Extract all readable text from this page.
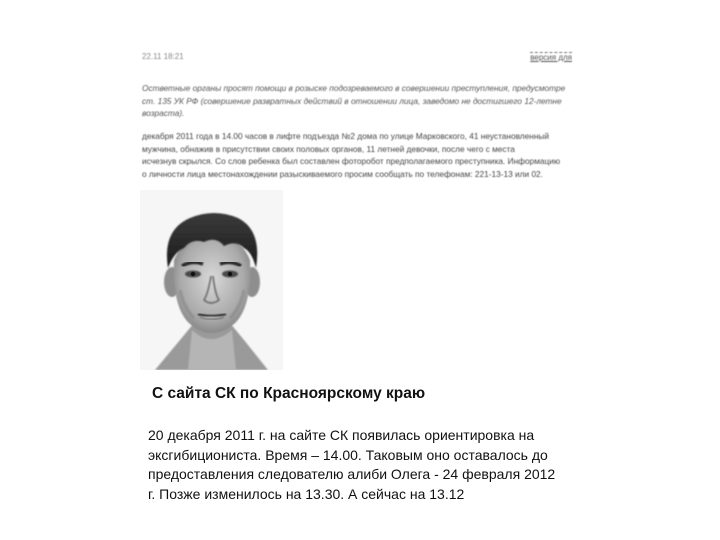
22.11 18:21	версия для
Остветные органы просят помощи в розыске подозреваемого в совершении преступления, предусмотре
ст. 135 УК РФ (совершение развратных действий в отношении лица, заведомо не достигшего 12-летне
возраста).
декабря 2011 года в 14.00 часов в лифте подъезда №2 дома по улице Марковского, 41 неустановленный
мужчина, обнажив в присутствии своих половых органов, 11 летней девочки, после чего с места
исчезнув скрылся. Со слов ребенка был составлен фоторобот предполагаемого преступника. Информацию
о личности лица местонахождении разыскиваемого просим сообщать по телефонам: 221-13-13 или 02.
С сайта СК по Красноярскому краю
20 декабря 2011 г. на сайте СК появилась ориентировка на
эксгибициониста. Время – 14.00. Таковым оно оставалось до
предоставления следователю алиби Олега - 24 февраля 2012
г. Позже изменилось на 13.30. А сейчас на 13.12
